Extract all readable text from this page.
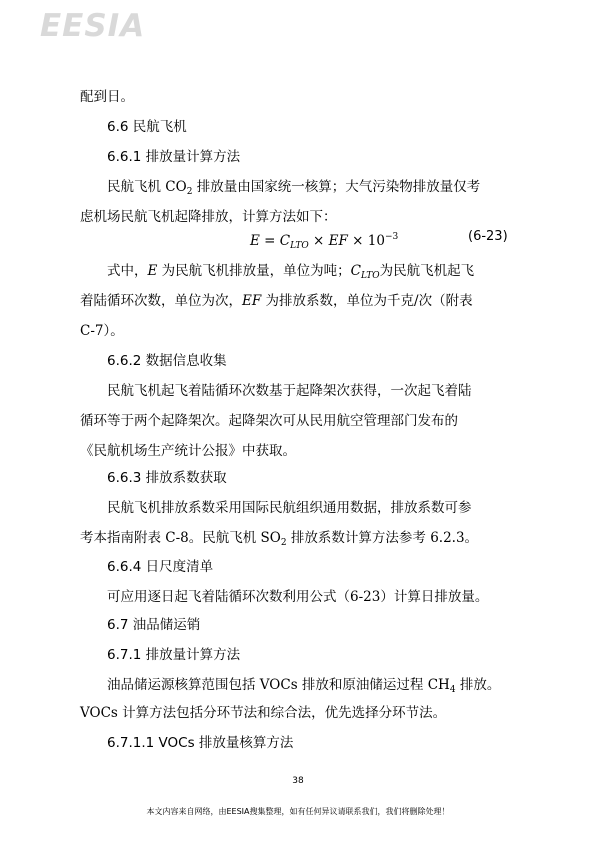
EESIA
配到日。
6.6 民航飞机
6.6.1 排放量计算方法
民航飞机 $CO_2$ 排放量由国家统一核算；大气污染物排放量仅考
虑机场民航飞机起降排放，计算方法如下：
$E = C_{LTO}$ × EF × $10^{-3}$	(6-23)
式中，E 为民航飞机排放量，单位为吨；$C_{LTO}$为民航飞机起飞
着陆循环次数，单位为次，EF 为排放系数，单位为千克/次（附表
C-7）。
6.6.2 数据信息收集
民航飞机起飞着陆循环次数基于起降架次获得，一次起飞着陆
循环等于两个起降架次。起降架次可从民用航空管理部门发布的
《民航机场生产统计公报》中获取。
6.6.3 排放系数获取
民航飞机排放系数采用国际民航组织通用数据，排放系数可参
考本指南附表 C-8。民航飞机 $SO_2$ 排放系数计算方法参考 6.2.3。
6.6.4 日尺度清单
可应用逐日起飞着陆循环次数利用公式（6-23）计算日排放量。
6.7 油品储运销
6.7.1 排放量计算方法
油品储运源核算范围包括 VOCs 排放和原油储运过程 $CH_4$ 排放。
VOCs 计算方法包括分环节法和综合法，优先选择分环节法。
6.7.1.1 VOCs 排放量核算方法
38
本文内容来自网络，由EESIA搜集整理，如有任何异议请联系我们，我们将删除处理！
